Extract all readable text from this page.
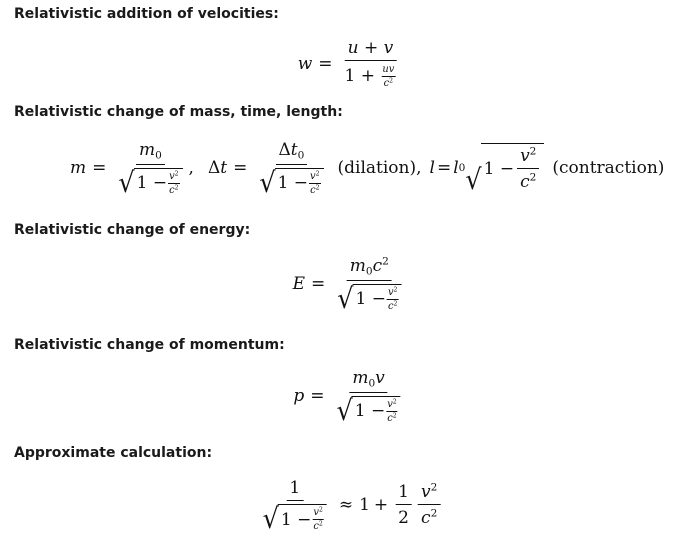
Relativistic addition of velocities:

$w = \frac{u + v}{1 + \frac{uv}{c^2}}$

Relativistic change of mass, time, length:

$m = \frac{m_0}{√ 1 - \frac{v^2}{c^2}}$ , $\Delta t = \frac{\Delta t_0}{√ 1 - \frac{v^2}{c^2}}$ (dilation), l = l 0 √ $1 - \frac{v^2}{c^2}$ (contraction)

Relativistic change of energy:

$E = \frac{m_0c^2}{√ 1 - \frac{v^2}{c^2}}$

Relativistic change of momentum:

$p = \frac{m_0v}{√ 1 - \frac{v^2}{c^2}}$

Approximate calculation:

$\frac{1}{√ 1 - \frac{v^2}{c^2}} \approx 1 + \frac{1}{2} \frac{v^2}{c^2}$
